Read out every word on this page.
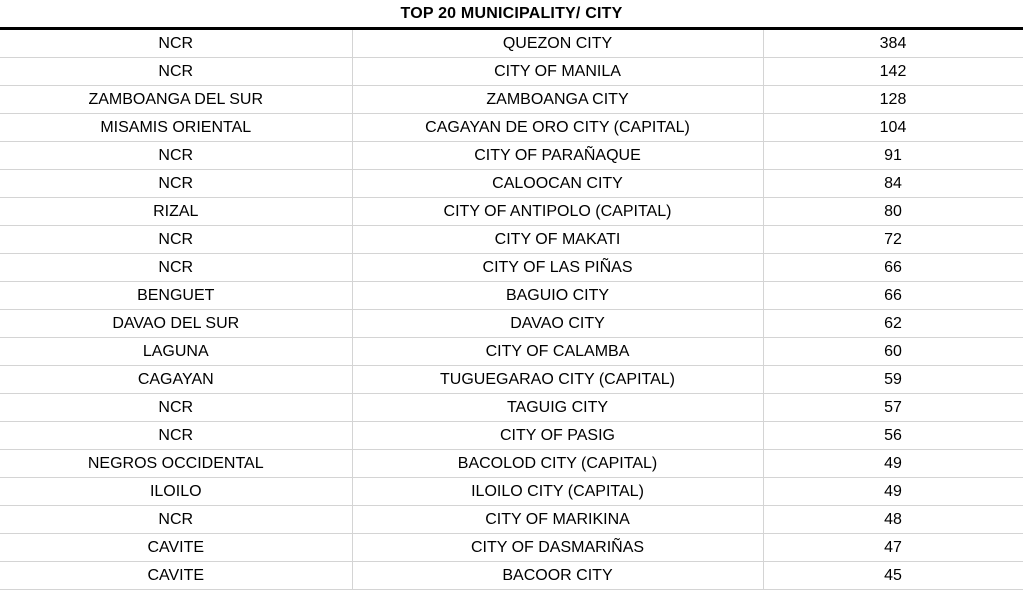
TOP 20 MUNICIPALITY/ CITY
NCR	QUEZON CITY	384
NCR	CITY OF MANILA	142
ZAMBOANGA DEL SUR	ZAMBOANGA CITY	128
MISAMIS ORIENTAL	CAGAYAN DE ORO CITY (CAPITAL)	104
NCR	CITY OF PARAÑAQUE	91
NCR	CALOOCAN CITY	84
RIZAL	CITY OF ANTIPOLO (CAPITAL)	80
NCR	CITY OF MAKATI	72
NCR	CITY OF LAS PIÑAS	66
BENGUET	BAGUIO CITY	66
DAVAO DEL SUR	DAVAO CITY	62
LAGUNA	CITY OF CALAMBA	60
CAGAYAN	TUGUEGARAO CITY (CAPITAL)	59
NCR	TAGUIG CITY	57
NCR	CITY OF PASIG	56
NEGROS OCCIDENTAL	BACOLOD CITY (CAPITAL)	49
ILOILO	ILOILO CITY (CAPITAL)	49
NCR	CITY OF MARIKINA	48
CAVITE	CITY OF DASMARIÑAS	47
CAVITE	BACOOR CITY	45
